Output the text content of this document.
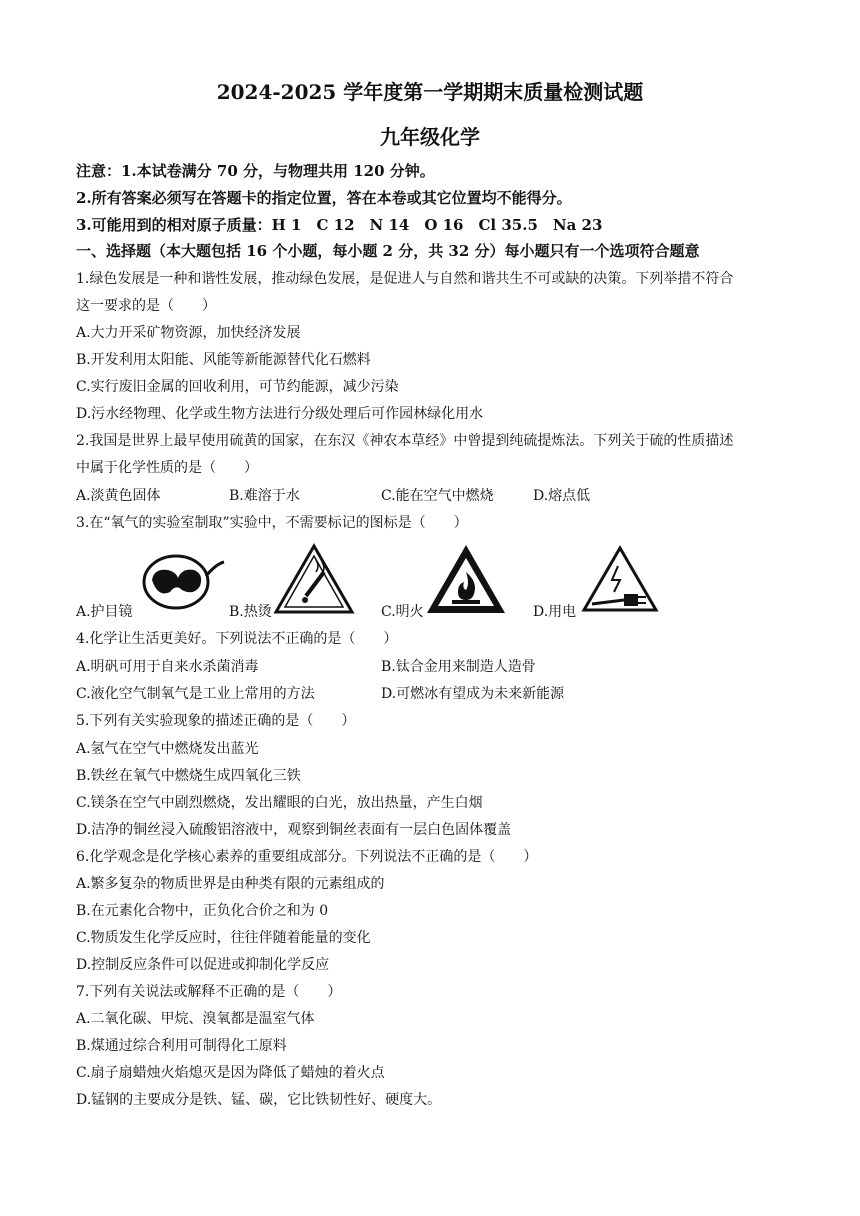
2024-2025 学年度第一学期期末质量检测试题
九年级化学
注意：1.本试卷满分 70 分，与物理共用 120 分钟。
2.所有答案必须写在答题卡的指定位置，答在本卷或其它位置均不能得分。
3.可能用到的相对原子质量：H 1　C 12　N 14　O 16　Cl 35.5　Na 23
一、选择题（本大题包括 16 个小题，每小题 2 分，共 32 分）每小题只有一个选项符合题意
1.绿色发展是一种和谐性发展，推动绿色发展，是促进人与自然和谐共生不可或缺的决策。下列举措不符合
这一要求的是（　　）
A.大力开采矿物资源，加快经济发展
B.开发利用太阳能、风能等新能源替代化石燃料
C.实行废旧金属的回收利用，可节约能源，减少污染
D.污水经物理、化学或生物方法进行分级处理后可作园林绿化用水
2.我国是世界上最早使用硫黄的国家，在东汉《神农本草经》中曾提到纯硫提炼法。下列关于硫的性质描述
中属于化学性质的是（　　）
A.淡黄色固体	B.难溶于水	C.能在空气中燃烧	D.熔点低
3.在“氧气的实验室制取”实验中，不需要标记的图标是（　　）
A.护目镜	B.热烫	C.明火	D.用电
4.化学让生活更美好。下列说法不正确的是（　　）
A.明矾可用于自来水杀菌消毒	B.钛合金用来制造人造骨
C.液化空气制氧气是工业上常用的方法	D.可燃冰有望成为未来新能源
5.下列有关实验现象的描述正确的是（　　）
A.氢气在空气中燃烧发出蓝光
B.铁丝在氧气中燃烧生成四氧化三铁
C.镁条在空气中剧烈燃烧，发出耀眼的白光，放出热量，产生白烟
D.洁净的铜丝浸入硫酸铝溶液中，观察到铜丝表面有一层白色固体覆盖
6.化学观念是化学核心素养的重要组成部分。下列说法不正确的是（　　）
A.繁多复杂的物质世界是由种类有限的元素组成的
B.在元素化合物中，正负化合价之和为 0
C.物质发生化学反应时，往往伴随着能量的变化
D.控制反应条件可以促进或抑制化学反应
7.下列有关说法或解释不正确的是（　　）
A.二氧化碳、甲烷、溴氧都是温室气体
B.煤通过综合利用可制得化工原料
C.扇子扇蜡烛火焰熄灭是因为降低了蜡烛的着火点
D.锰钢的主要成分是铁、锰、碳，它比铁韧性好、硬度大。
